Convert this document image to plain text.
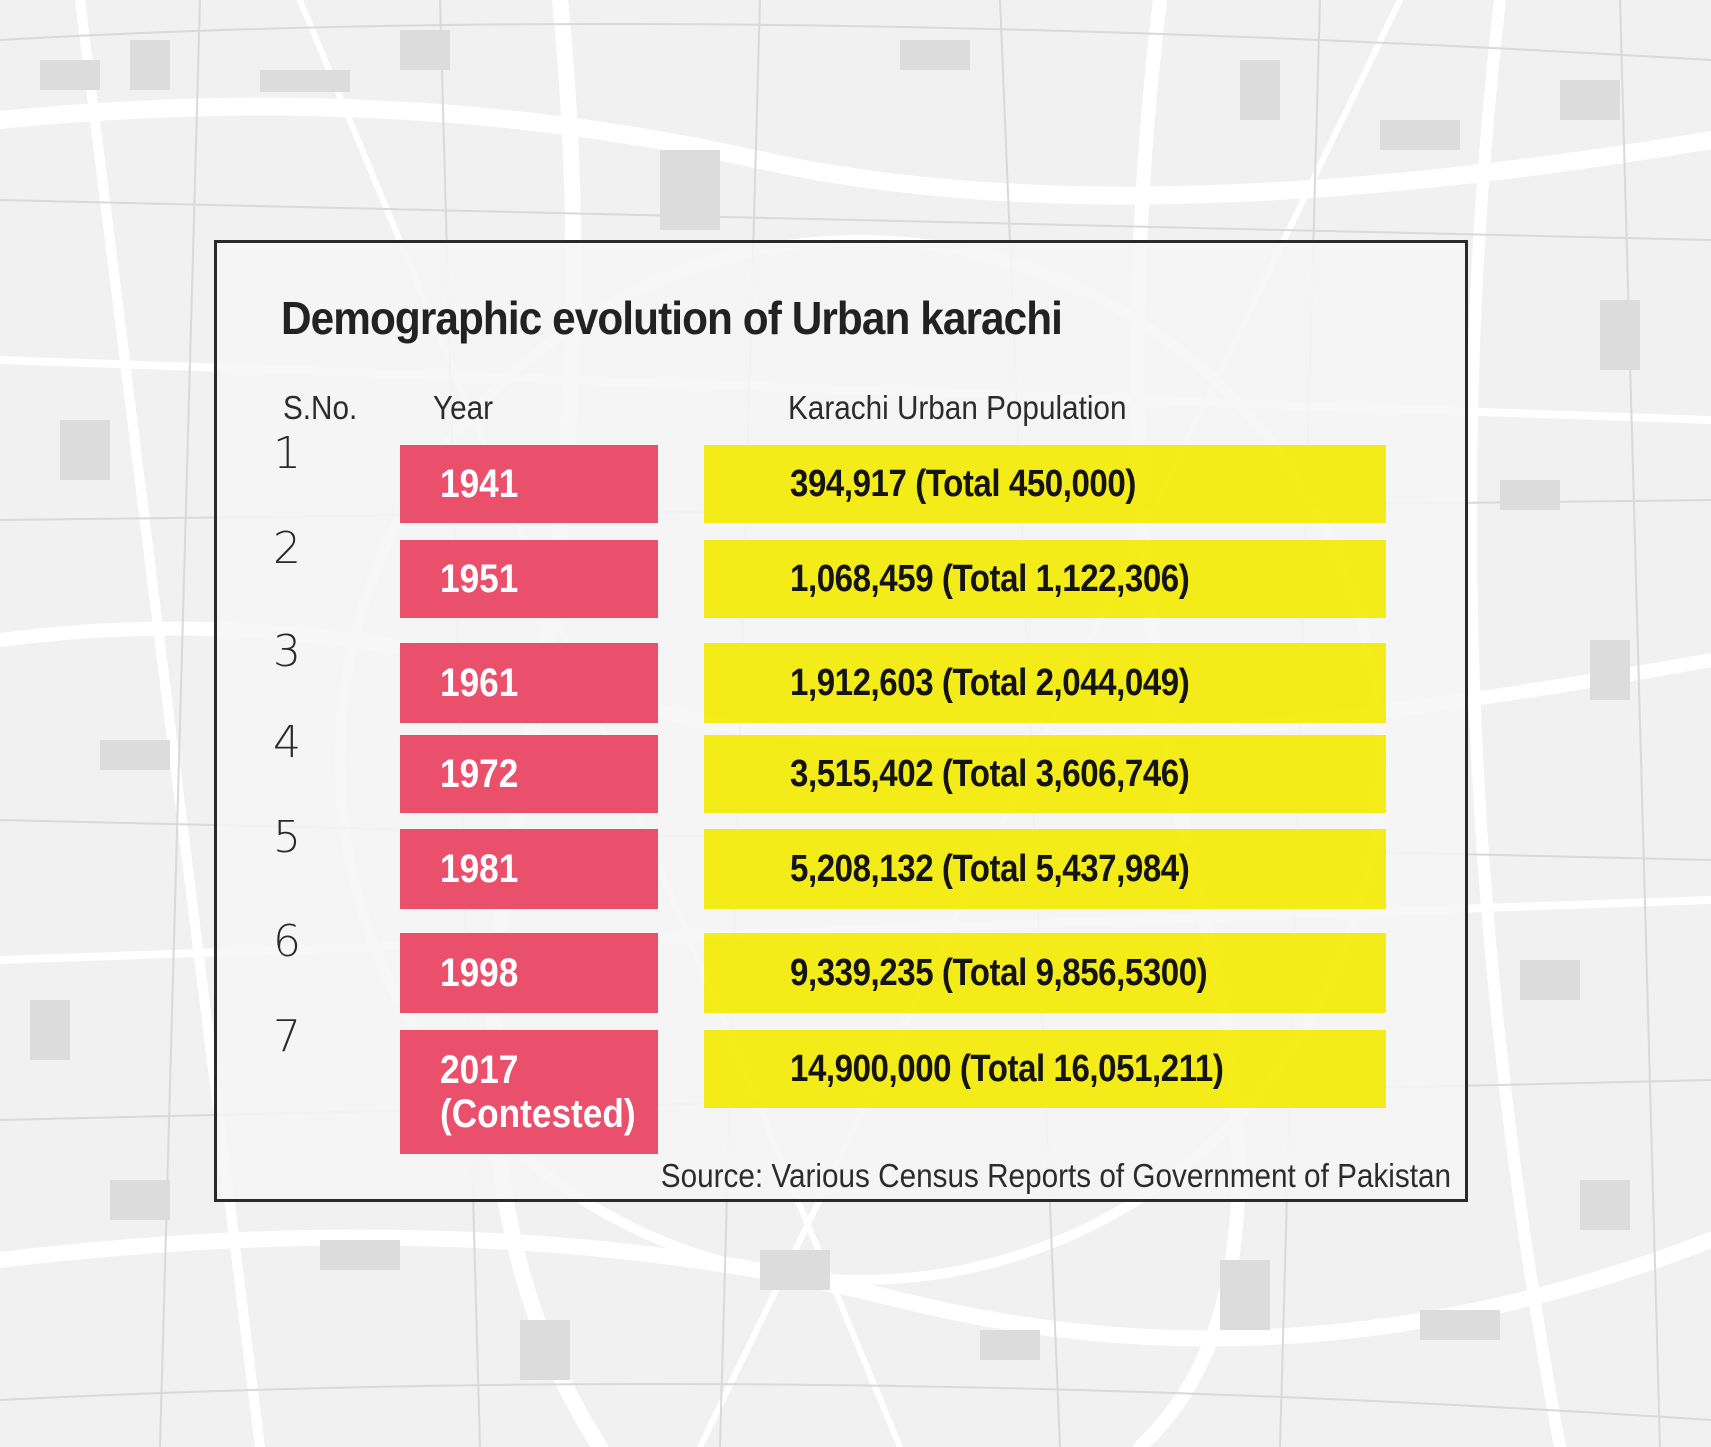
Demographic evolution of Urban karachi
S.No. Year	Karachi Urban Population
1
1941	394,917 (Total 450,000)
2
1951	1,068,459 (Total 1,122,306)
3
1961	1,912,603 (Total 2,044,049)
4
1972	3,515,402 (Total 3,606,746)
5
1981	5,208,132 (Total 5,437,984)
6
1998	9,339,235 (Total 9,856,5300)
7
2017
(Contested)
14,900,000 (Total 16,051,211)
Source: Various Census Reports of Government of Pakistan
